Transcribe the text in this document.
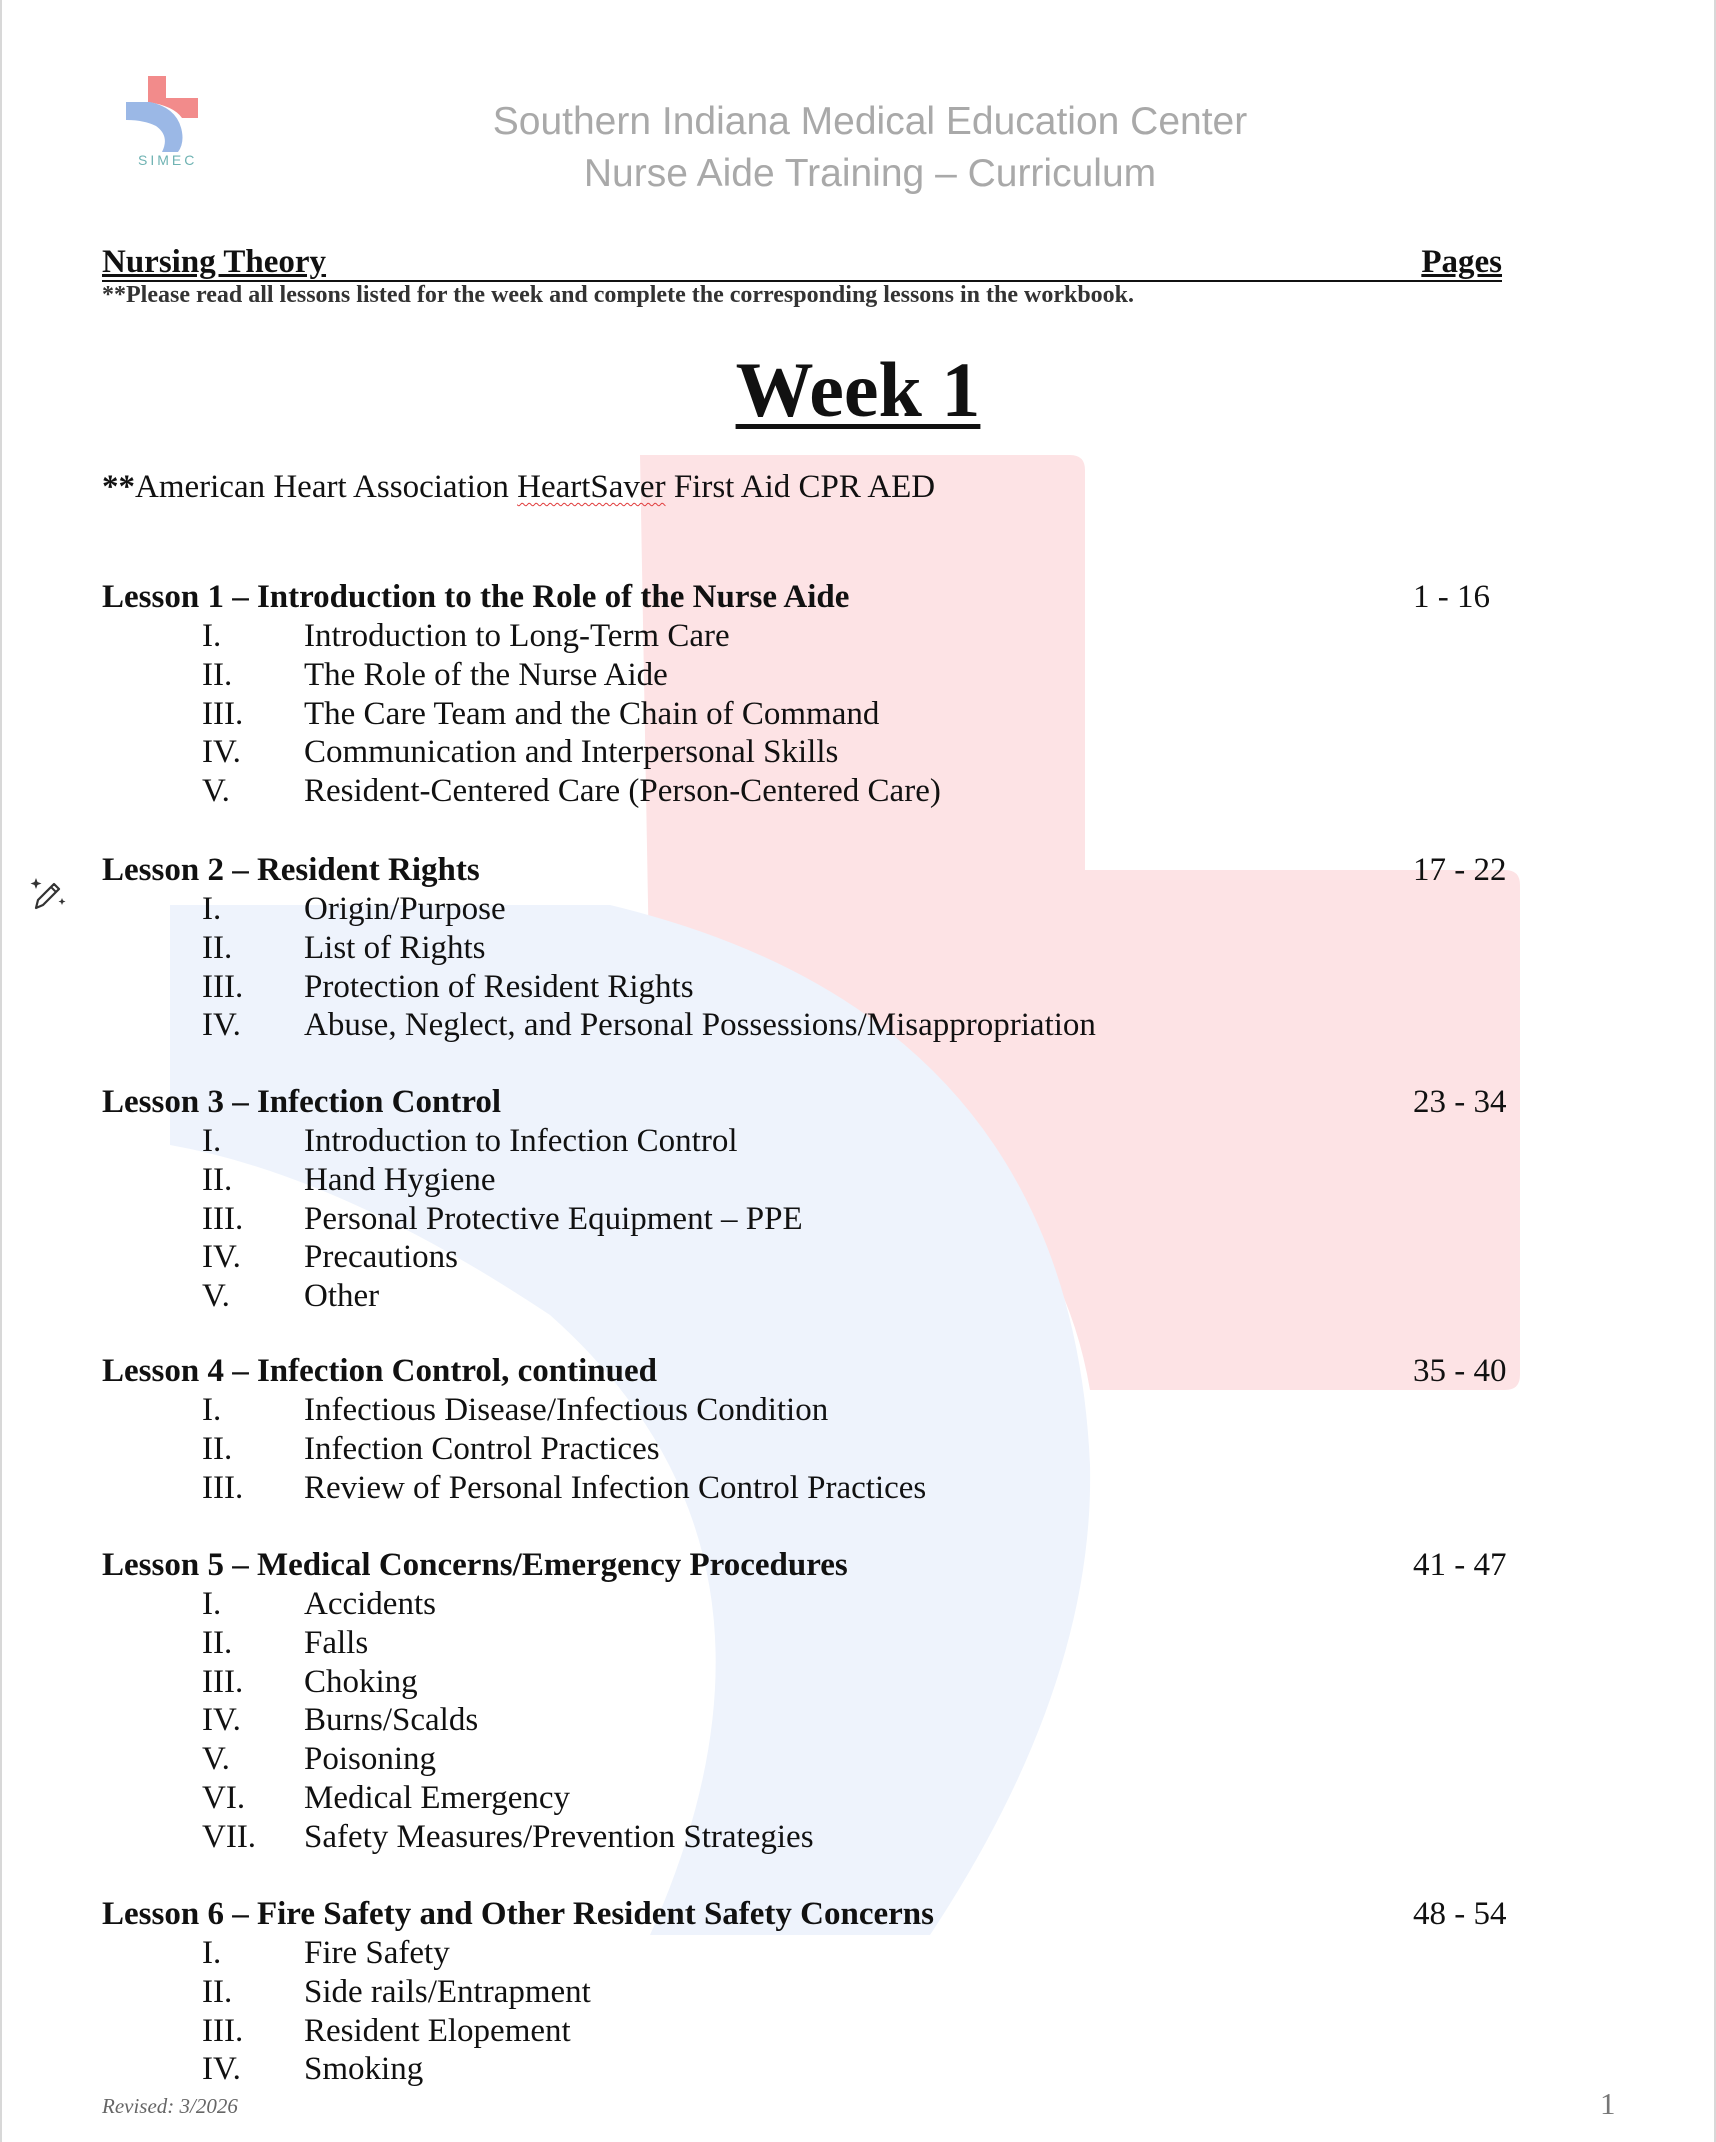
SIMEC
Southern Indiana Medical Education Center
Nurse Aide Training – Curriculum
Nursing Theory	Pages
**Please read all lessons listed for the week and complete the corresponding lessons in the workbook.
Week 1
**American Heart Association HeartSaver First Aid CPR AED
Lesson 1 – Introduction to the Role of the Nurse Aide	1 - 16
I.	Introduction to Long-Term Care
II.	The Role of the Nurse Aide
III.	The Care Team and the Chain of Command
IV.	Communication and Interpersonal Skills
V.	Resident-Centered Care (Person-Centered Care)
Lesson 2 – Resident Rights	17 - 22
I.	Origin/Purpose
II.	List of Rights
III.	Protection of Resident Rights
IV.	Abuse, Neglect, and Personal Possessions/Misappropriation
Lesson 3 – Infection Control	23 - 34
I.	Introduction to Infection Control
II.	Hand Hygiene
III.	Personal Protective Equipment – PPE
IV.	Precautions
V.	Other
Lesson 4 – Infection Control, continued	35 - 40
I.	Infectious Disease/Infectious Condition
II.	Infection Control Practices
III.	Review of Personal Infection Control Practices
Lesson 5 – Medical Concerns/Emergency Procedures	41 - 47
I.	Accidents
II.	Falls
III.	Choking
IV.	Burns/Scalds
V.	Poisoning
VI.	Medical Emergency
VII.	Safety Measures/Prevention Strategies
Lesson 6 – Fire Safety and Other Resident Safety Concerns	48 - 54
I.	Fire Safety
II.	Side rails/Entrapment
III.	Resident Elopement
IV.	Smoking
Revised: 3/2026	1
